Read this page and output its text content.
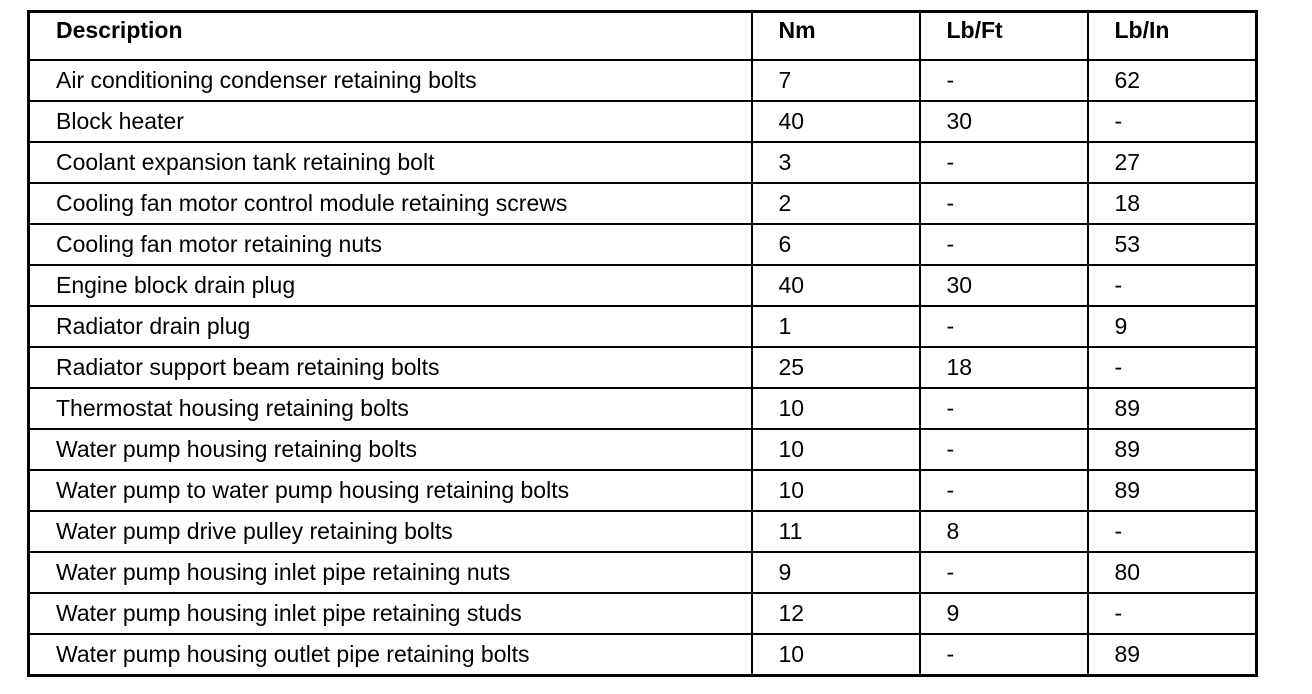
Description	Nm	Lb/Ft	Lb/In
Air conditioning condenser retaining bolts	7	-	62
Block heater	40	30	-
Coolant expansion tank retaining bolt	3	-	27
Cooling fan motor control module retaining screws	2	-	18
Cooling fan motor retaining nuts	6	-	53
Engine block drain plug	40	30	-
Radiator drain plug	1	-	9
Radiator support beam retaining bolts	25	18	-
Thermostat housing retaining bolts	10	-	89
Water pump housing retaining bolts	10	-	89
Water pump to water pump housing retaining bolts	10	-	89
Water pump drive pulley retaining bolts	11	8	-
Water pump housing inlet pipe retaining nuts	9	-	80
Water pump housing inlet pipe retaining studs	12	9	-
Water pump housing outlet pipe retaining bolts	10	-	89
